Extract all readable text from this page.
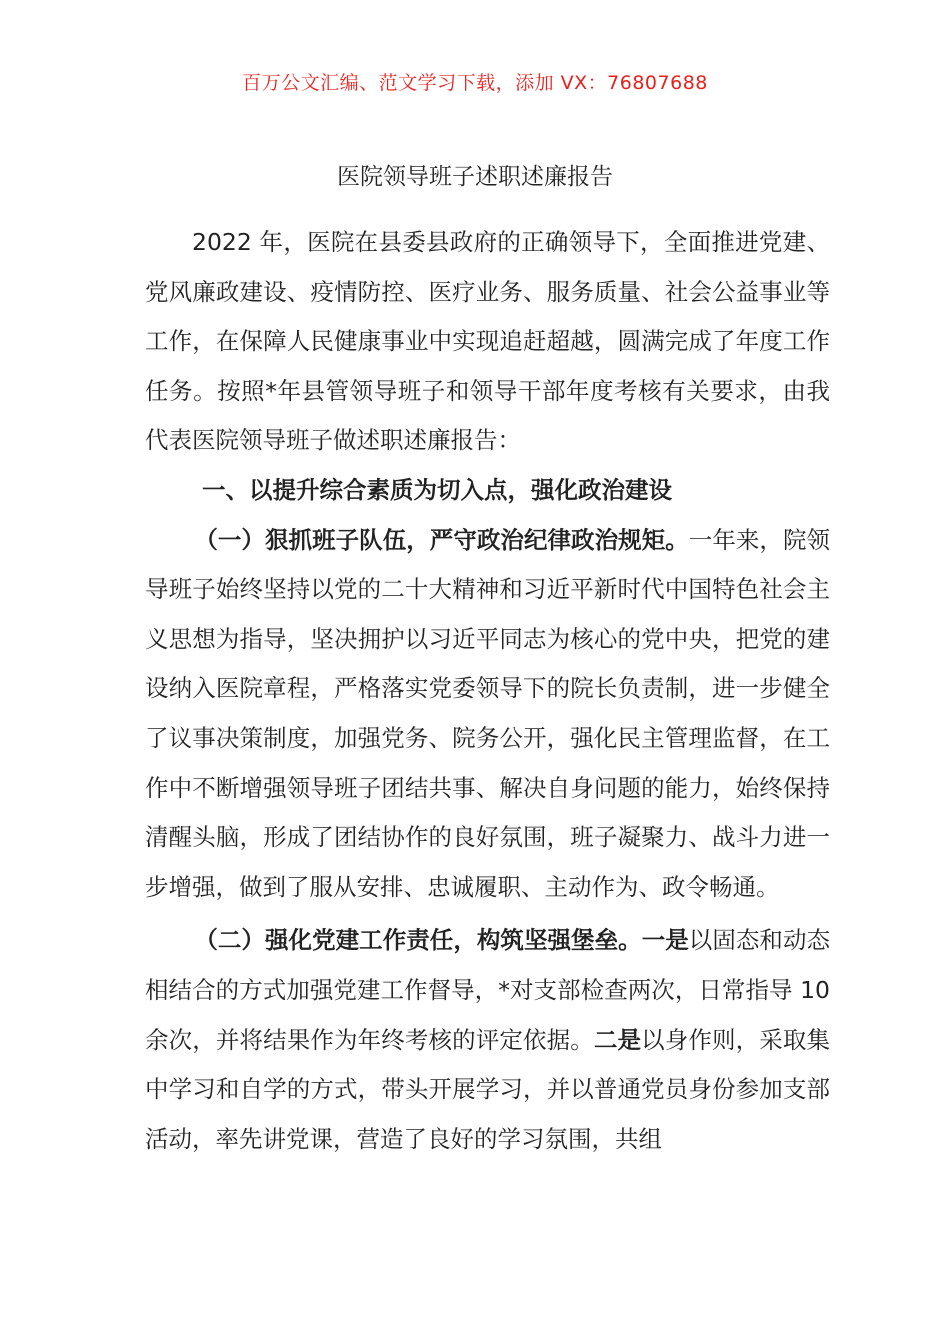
百万公文汇编、范文学习下载，添加 VX：76807688
医院领导班子述职述廉报告

2022 年，医院在县委县政府的正确领导下，全面推进党建、党风廉政建设、疫情防控、医疗业务、服务质量、社会公益事业等工作，在保障人民健康事业中实现追赶超越，圆满完成了年度工作任务。按照*年县管领导班子和领导干部年度考核有关要求，由我代表医院领导班子做述职述廉报告：

一、以提升综合素质为切入点，强化政治建设

（一）狠抓班子队伍，严守政治纪律政治规矩。一年来，院领导班子始终坚持以党的二十大精神和习近平新时代中国特色社会主义思想为指导，坚决拥护以习近平同志为核心的党中央，把党的建设纳入医院章程，严格落实党委领导下的院长负责制，进一步健全了议事决策制度，加强党务、院务公开，强化民主管理监督，在工作中不断增强领导班子团结共事、解决自身问题的能力，始终保持清醒头脑，形成了团结协作的良好氛围，班子凝聚力、战斗力进一步增强，做到了服从安排、忠诚履职、主动作为、政令畅通。

（二）强化党建工作责任，构筑坚强堡垒。一是以固态和动态相结合的方式加强党建工作督导，*对支部检查两次，日常指导 10 余次，并将结果作为年终考核的评定依据。二是以身作则，采取集中学习和自学的方式，带头开展学习，并以普通党员身份参加支部活动，率先讲党课，营造了良好的学习氛围，共组
